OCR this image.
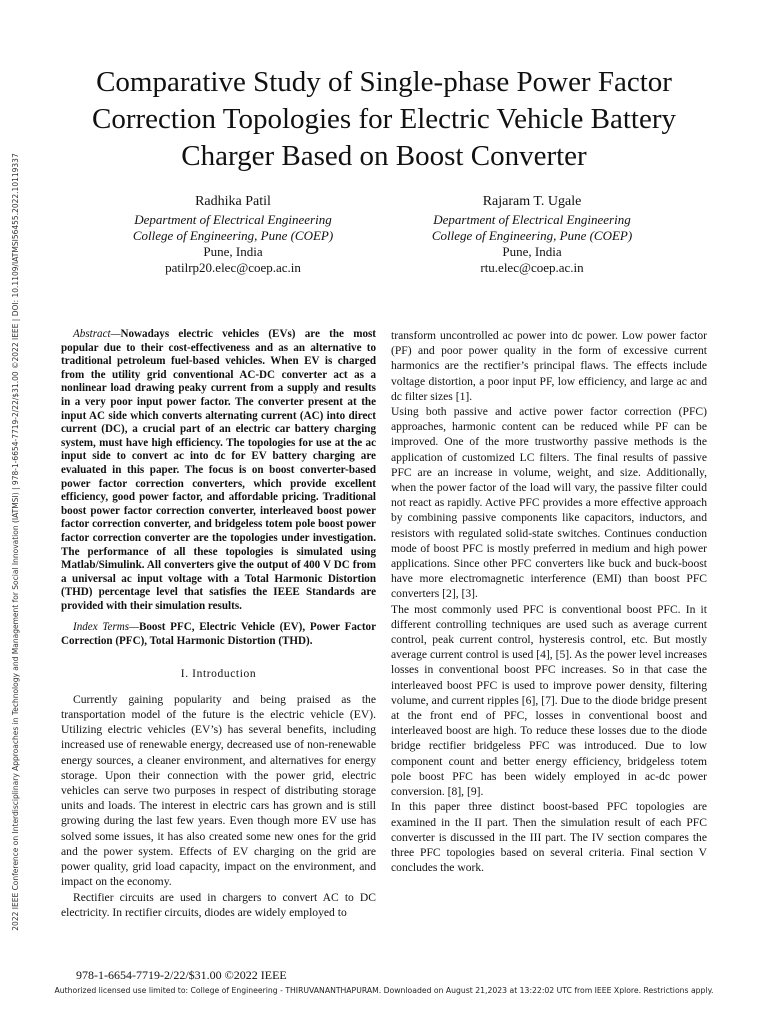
2022 IEEE Conference on Interdisciplinary Approaches in Technology and Management for Social Innovation (IATMSI) | 978-1-6654-7719-2/22/$31.00 ©2022 IEEE | DOI: 10.1109/IATMSI56455.2022.10119337
Comparative Study of Single-phase Power Factor Correction Topologies for Electric Vehicle Battery Charger Based on Boost Converter
Radhika Patil
Department of Electrical Engineering
College of Engineering, Pune (COEP)
Pune, India
patilrp20.elec@coep.ac.in
Rajaram T. Ugale
Department of Electrical Engineering
College of Engineering, Pune (COEP)
Pune, India
rtu.elec@coep.ac.in

Abstract—Nowadays electric vehicles (EVs) are the most popular due to their cost-effectiveness and as an alternative to traditional petroleum fuel-based vehicles. When EV is charged from the utility grid conventional AC-DC converter act as a nonlinear load drawing peaky current from a supply and results in a very poor input power factor. The converter present at the input AC side which converts alternating current (AC) into direct current (DC), a crucial part of an electric car battery charging system, must have high efficiency. The topologies for use at the ac input side to convert ac into dc for EV battery charging are evaluated in this paper. The focus is on boost converter-based power factor correction converters, which provide excellent efficiency, good power factor, and affordable pricing. Traditional boost power factor correction converter, interleaved boost power factor correction converter, and bridgeless totem pole boost power factor correction converter are the topologies under investigation. The performance of all these topologies is simulated using Matlab/Simulink. All converters give the output of 400 V DC from a universal ac input voltage with a Total Harmonic Distortion (THD) percentage level that satisfies the IEEE Standards are provided with their simulation results.

Index Terms—Boost PFC, Electric Vehicle (EV), Power Factor Correction (PFC), Total Harmonic Distortion (THD).

I. Introduction

Currently gaining popularity and being praised as the transportation model of the future is the electric vehicle (EV). Utilizing electric vehicles (EV’s) has several benefits, including increased use of renewable energy, decreased use of non-renewable energy sources, a cleaner environment, and alternatives for energy storage. Upon their connection with the power grid, electric vehicles can serve two purposes in respect of distributing storage units and loads. The interest in electric cars has grown and is still growing during the last few years. Even though more EV use has solved some issues, it has also created some new ones for the grid and the power system. Effects of EV charging on the grid are power quality, grid load capacity, impact on the environment, and impact on the economy.

Rectifier circuits are used in chargers to convert AC to DC electricity. In rectifier circuits, diodes are widely employed to

transform uncontrolled ac power into dc power. Low power factor (PF) and poor power quality in the form of excessive current harmonics are the rectifier’s principal flaws. The effects include voltage distortion, a poor input PF, low efficiency, and large ac and dc filter sizes [1].

Using both passive and active power factor correction (PFC) approaches, harmonic content can be reduced while PF can be improved. One of the more trustworthy passive methods is the application of customized LC filters. The final results of passive PFC are an increase in volume, weight, and size. Additionally, when the power factor of the load will vary, the passive filter could not react as rapidly. Active PFC provides a more effective approach by combining passive components like capacitors, inductors, and resistors with regulated solid-state switches. Continues conduction mode of boost PFC is mostly preferred in medium and high power applications. Since other PFC converters like buck and buck-boost have more electromagnetic interference (EMI) than boost PFC converters [2], [3].

The most commonly used PFC is conventional boost PFC. In it different controlling techniques are used such as average current control, peak current control, hysteresis control, etc. But mostly average current control is used [4], [5]. As the power level increases losses in conventional boost PFC increases. So in that case the interleaved boost PFC is used to improve power density, filtering volume, and current ripples [6], [7]. Due to the diode bridge present at the front end of PFC, losses in conventional boost and interleaved boost are high. To reduce these losses due to the diode bridge rectifier bridgeless PFC was introduced. Due to low component count and better energy efficiency, bridgeless totem pole boost PFC has been widely employed in ac-dc power conversion. [8], [9].

In this paper three distinct boost-based PFC topologies are examined in the II part. Then the simulation result of each PFC converter is discussed in the III part. The IV section compares the three PFC topologies based on several criteria. Final section V concludes the work.

978-1-6654-7719-2/22/$31.00 ©2022 IEEE
Authorized licensed use limited to: College of Engineering - THIRUVANANTHAPURAM. Downloaded on August 21,2023 at 13:22:02 UTC from IEEE Xplore. Restrictions apply.
